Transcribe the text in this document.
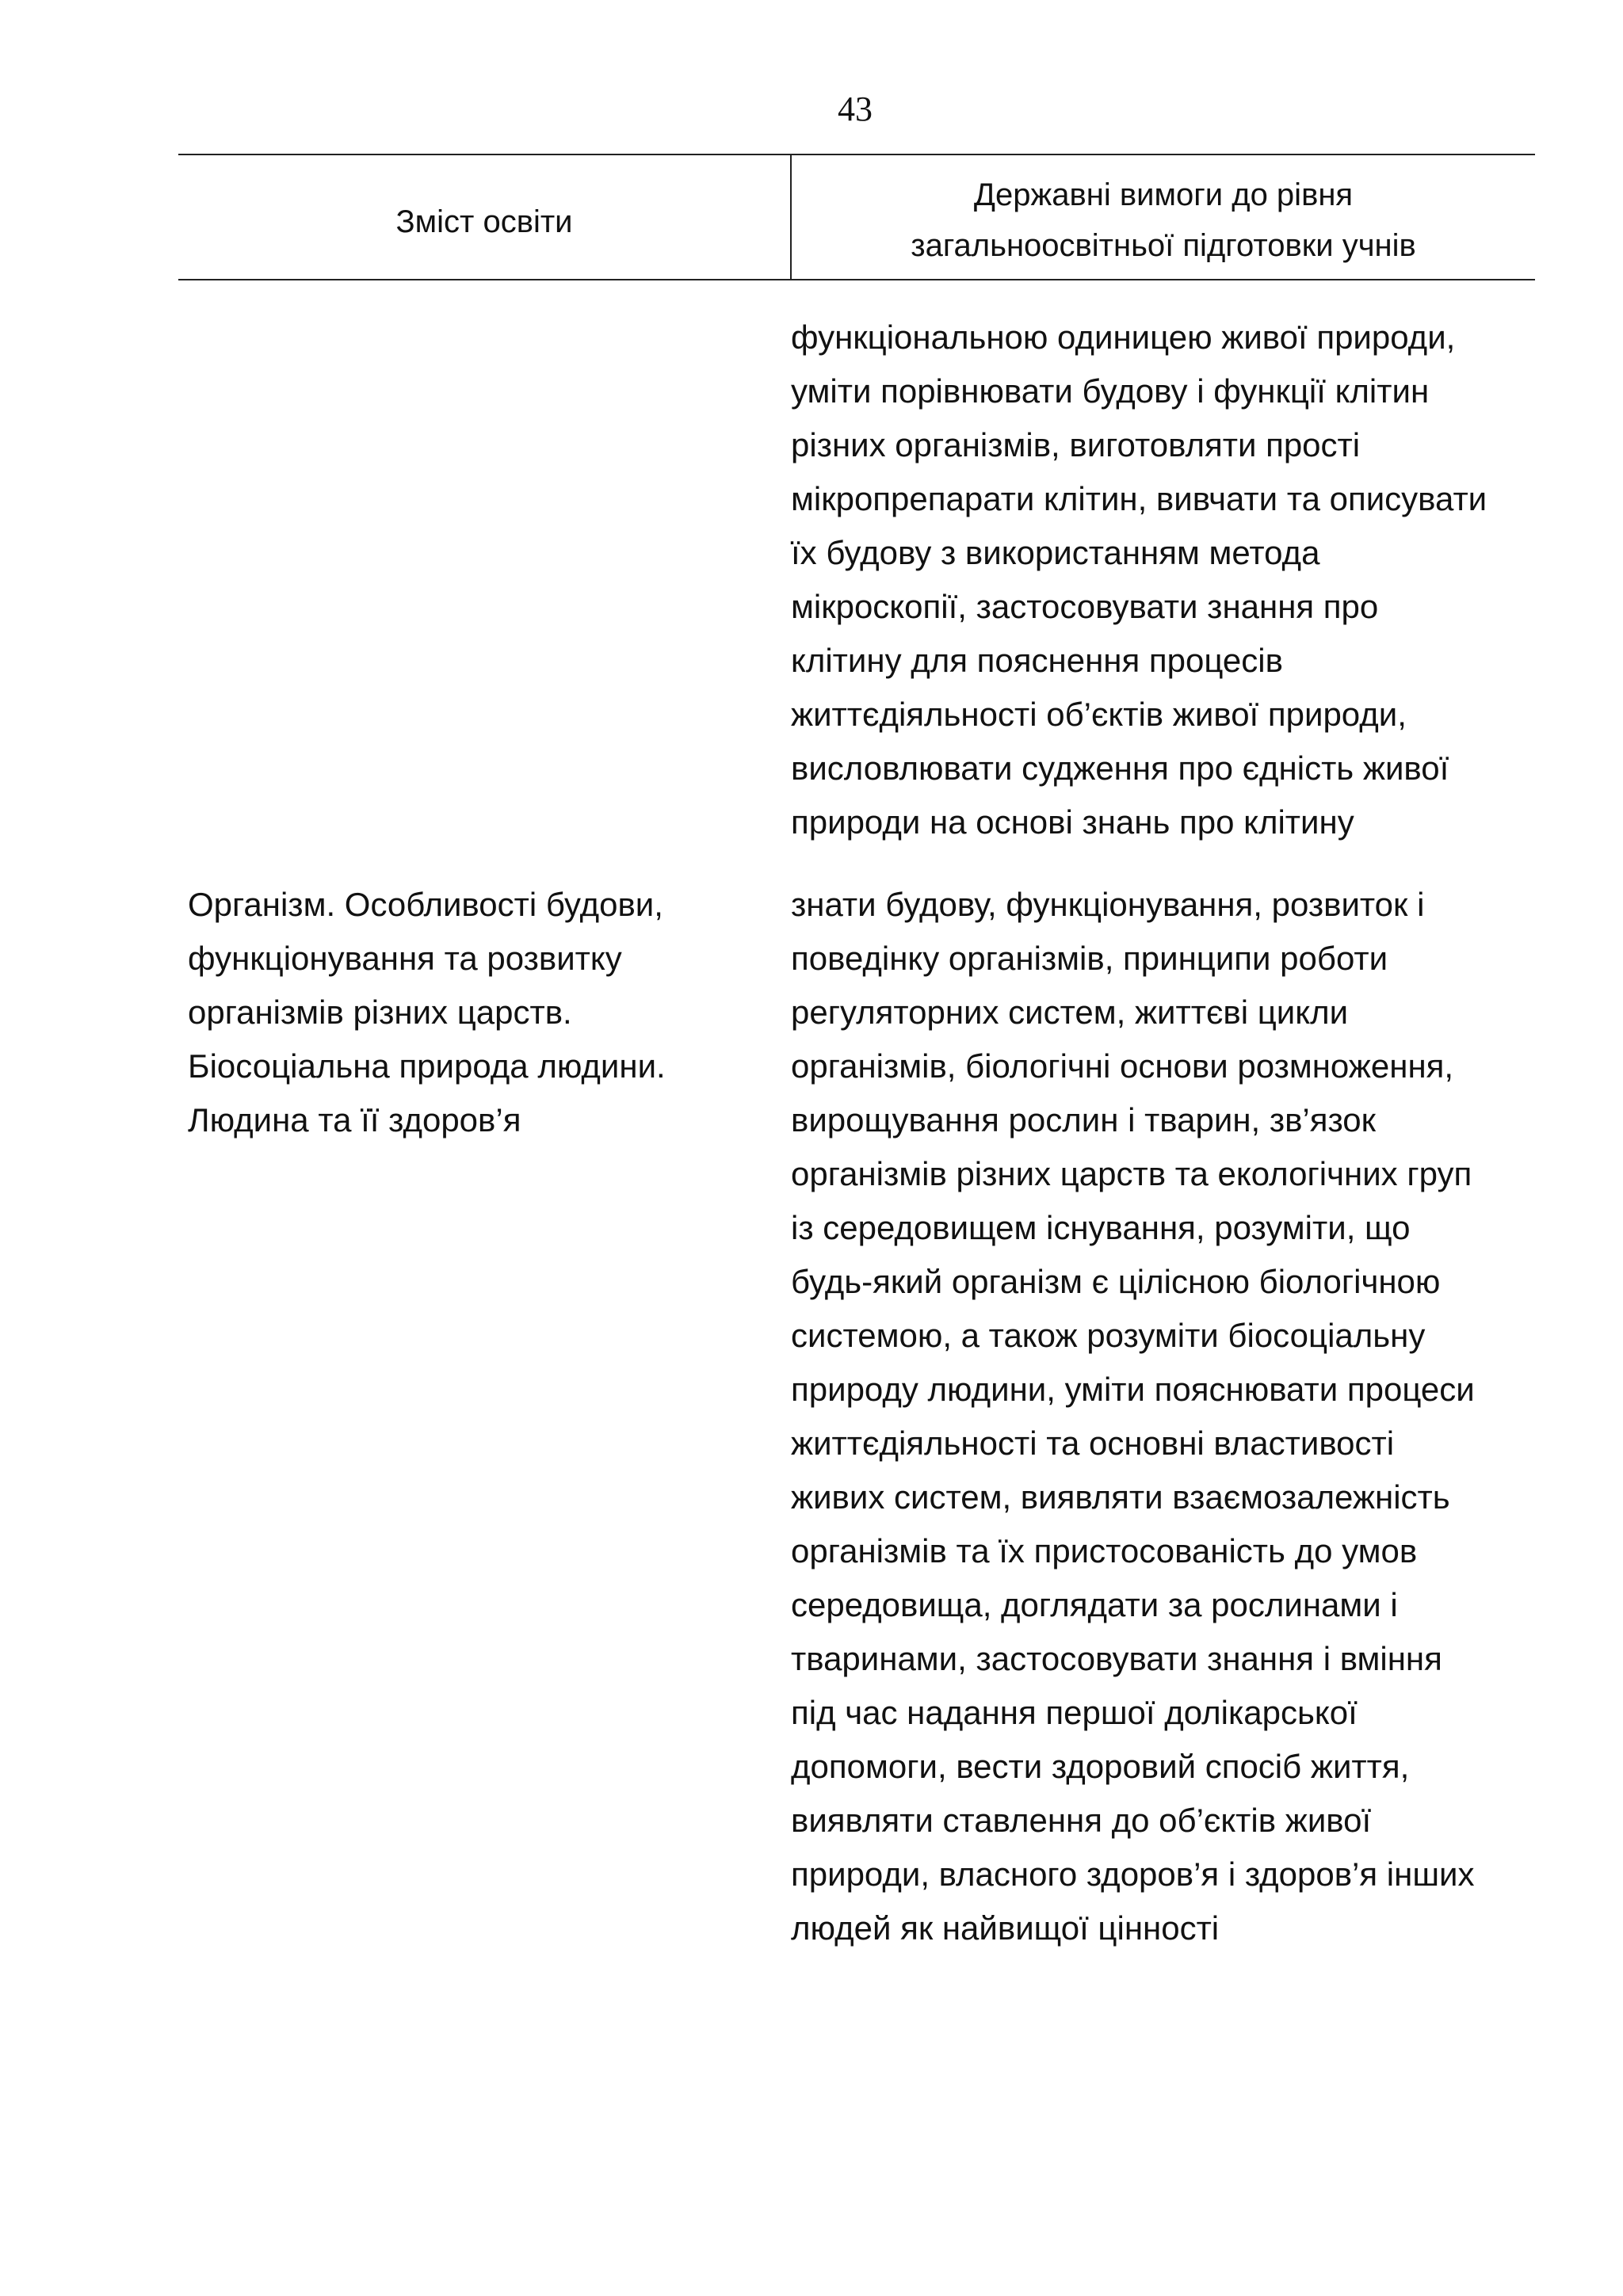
43
Зміст освіти
Державні вимоги до рівня
загальноосвітньої підготовки учнів
функціональною одиницею живої природи,
уміти порівнювати будову і функції клітин
різних організмів, виготовляти прості
мікропрепарати клітин, вивчати та описувати
їх будову з використанням метода
мікроскопії, застосовувати знання про
клітину для пояснення процесів
життєдіяльності об’єктів живої природи,
висловлювати судження про єдність живої
природи на основі знань про клітину
Організм. Особливості будови,
функціонування та розвитку
організмів різних царств.
Біосоціальна природа людини.
Людина та її здоров’я
знати будову, функціонування, розвиток і
поведінку організмів, принципи роботи
регуляторних систем, життєві цикли
організмів, біологічні основи розмноження,
вирощування рослин і тварин, зв’язок
організмів різних царств та екологічних груп
із середовищем існування, розуміти, що
будь-який організм є цілісною біологічною
системою, а також розуміти біосоціальну
природу людини, уміти пояснювати процеси
життєдіяльності та основні властивості
живих систем, виявляти взаємозалежність
організмів та їх пристосованість до умов
середовища, доглядати за рослинами і
тваринами, застосовувати знання і вміння
під час надання першої долікарської
допомоги, вести здоровий спосіб життя,
виявляти ставлення до об’єктів живої
природи, власного здоров’я і здоров’я інших
людей як найвищої цінності
